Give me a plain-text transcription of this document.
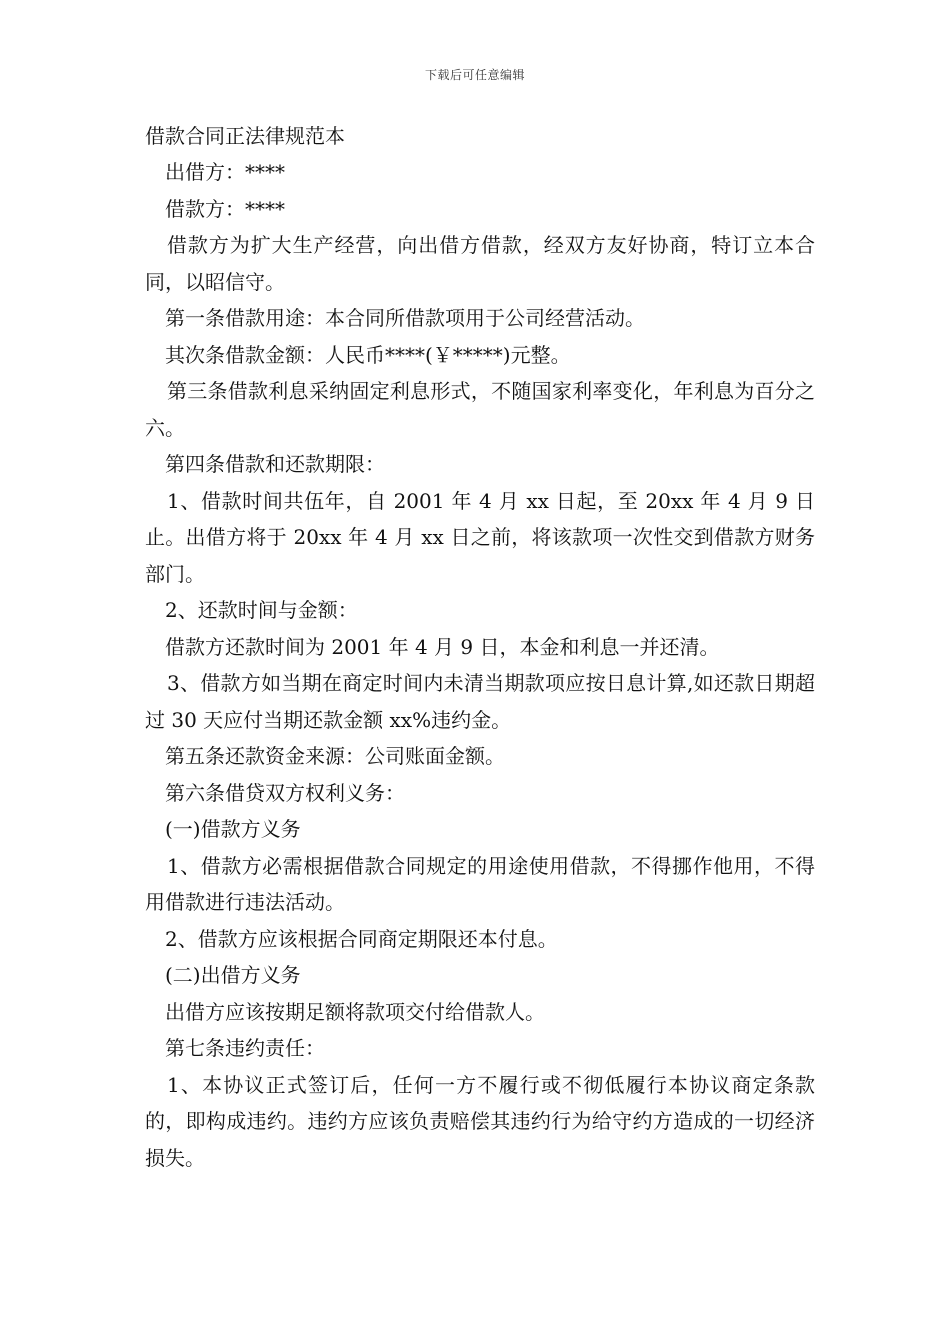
下载后可任意编辑
借款合同正法律规范本

出借方：****

借款方：****

借款方为扩大生产经营，向出借方借款，经双方友好协商，特订立本合同，以昭信守。

第一条借款用途：本合同所借款项用于公司经营活动。

其次条借款金额：人民币****(￥*****)元整。

第三条借款利息采纳固定利息形式，不随国家利率变化，年利息为百分之六。

第四条借款和还款期限：

1、借款时间共伍年，自 2001 年 4 月 xx 日起，至 20xx 年 4 月 9 日止。出借方将于 20xx 年 4 月 xx 日之前，将该款项一次性交到借款方财务部门。

2、还款时间与金额：

借款方还款时间为 2001 年 4 月 9 日，本金和利息一并还清。

3、借款方如当期在商定时间内未清当期款项应按日息计算,如还款日期超过 30 天应付当期还款金额 xx%违约金。

第五条还款资金来源：公司账面金额。

第六条借贷双方权利义务：

(一)借款方义务

1、借款方必需根据借款合同规定的用途使用借款，不得挪作他用，不得用借款进行违法活动。

2、借款方应该根据合同商定期限还本付息。

(二)出借方义务

出借方应该按期足额将款项交付给借款人。

第七条违约责任：

1、本协议正式签订后，任何一方不履行或不彻低履行本协议商定条款的，即构成违约。违约方应该负责赔偿其违约行为给守约方造成的一切经济损失。
